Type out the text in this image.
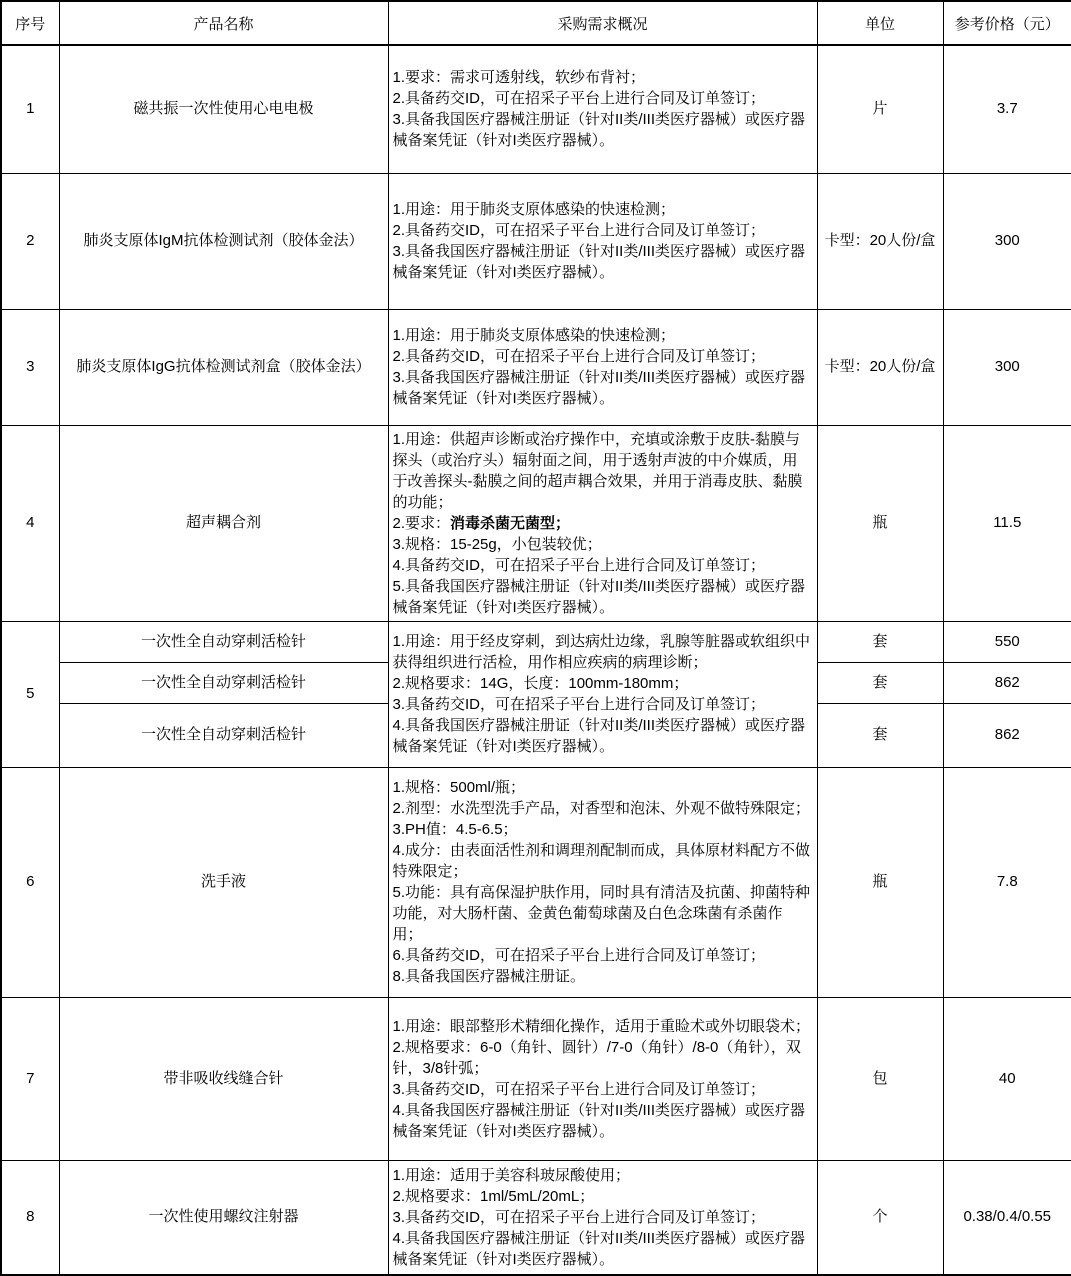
序号	产品名称	采购需求概况	单位	参考价格（元）
1	磁共振一次性使用心电电极	1.要求：需求可透射线，软纱布背衬；
2.具备药交ID，可在招采子平台上进行合同及订单签订；
3.具备我国医疗器械注册证（针对II类/III类医疗器械）或医疗器械备案凭证（针对I类医疗器械）。	片	3.7
2	肺炎支原体IgM抗体检测试剂（胶体金法）	1.用途：用于肺炎支原体感染的快速检测；
2.具备药交ID，可在招采子平台上进行合同及订单签订；
3.具备我国医疗器械注册证（针对II类/III类医疗器械）或医疗器械备案凭证（针对I类医疗器械）。	卡型：20人份/盒	300
3	肺炎支原体IgG抗体检测试剂盒（胶体金法）	1.用途：用于肺炎支原体感染的快速检测；
2.具备药交ID，可在招采子平台上进行合同及订单签订；
3.具备我国医疗器械注册证（针对II类/III类医疗器械）或医疗器械备案凭证（针对I类医疗器械）。	卡型：20人份/盒	300
4	超声耦合剂	1.用途：供超声诊断或治疗操作中，充填或涂敷于皮肤-黏膜与探头（或治疗头）辐射面之间，用于透射声波的中介媒质，用于改善探头-黏膜之间的超声耦合效果，并用于消毒皮肤、黏膜的功能；
2.要求：消毒杀菌无菌型；
3.规格：15-25g，小包装较优；
4.具备药交ID，可在招采子平台上进行合同及订单签订；
5.具备我国医疗器械注册证（针对II类/III类医疗器械）或医疗器械备案凭证（针对I类医疗器械）。	瓶	11.5
5	一次性全自动穿刺活检针	1.用途：用于经皮穿刺，到达病灶边缘，乳腺等脏器或软组织中获得组织进行活检，用作相应疾病的病理诊断；
2.规格要求：14G，长度：100mm-180mm；
3.具备药交ID，可在招采子平台上进行合同及订单签订；
4.具备我国医疗器械注册证（针对II类/III类医疗器械）或医疗器械备案凭证（针对I类医疗器械）。	套	550
	一次性全自动穿刺活检针		套	862
	一次性全自动穿刺活检针		套	862
6	洗手液	
1.规格：500ml/瓶；
2.剂型：水洗型洗手产品，对香型和泡沫、外观不做特殊限定；
3.PH值：4.5-6.5；
4.成分：由表面活性剂和调理剂配制而成，具体原材料配方不做特殊限定；
5.功能：具有高保湿护肤作用，同时具有清洁及抗菌、抑菌特种功能，对大肠杆菌、金黄色葡萄球菌及白色念珠菌有杀菌作用；
6.具备药交ID，可在招采子平台上进行合同及订单签订；
8.具备我国医疗器械注册证。
	瓶	7.8
7	带非吸收线缝合针	1.用途：眼部整形术精细化操作，适用于重睑术或外切眼袋术；
2.规格要求：6-0（角针、圆针）/7-0（角针）/8-0（角针），双针，3/8针弧；
3.具备药交ID，可在招采子平台上进行合同及订单签订；
4.具备我国医疗器械注册证（针对II类/III类医疗器械）或医疗器械备案凭证（针对I类医疗器械）。	包	40
8	一次性使用螺纹注射器	1.用途：适用于美容科玻尿酸使用；
2.规格要求：1ml/5mL/20mL；
3.具备药交ID，可在招采子平台上进行合同及订单签订；
4.具备我国医疗器械注册证（针对II类/III类医疗器械）或医疗器械备案凭证（针对I类医疗器械）。	个	0.38/0.4/0.55
